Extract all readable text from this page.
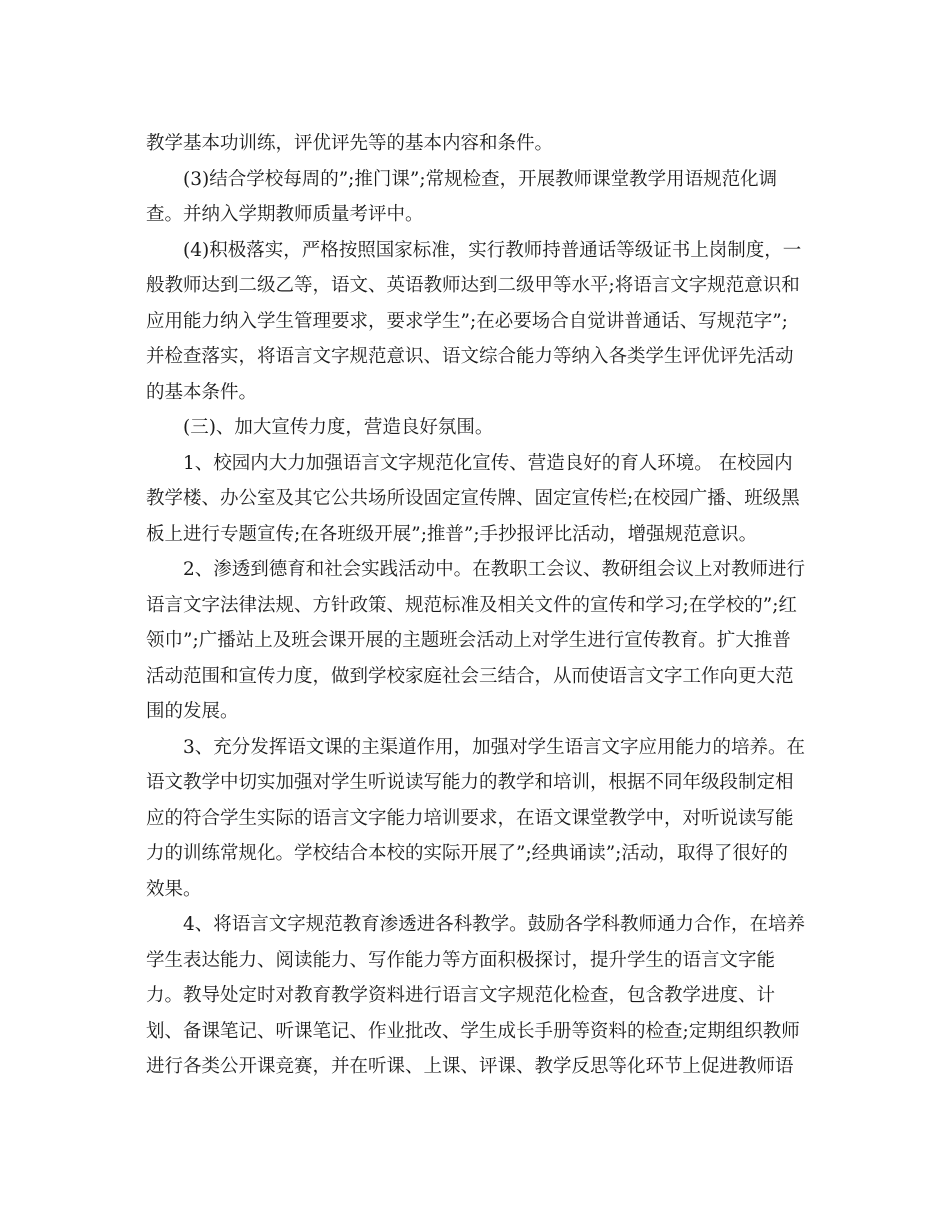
教学基本功训练，评优评先等的基本内容和条件。
(3)结合学校每周的”;推门课”;常规检查，开展教师课堂教学用语规范化调
查。并纳入学期教师质量考评中。
(4)积极落实，严格按照国家标准，实行教师持普通话等级证书上岗制度，一
般教师达到二级乙等，语文、英语教师达到二级甲等水平;将语言文字规范意识和
应用能力纳入学生管理要求，要求学生”;在必要场合自觉讲普通话、写规范字”;
并检查落实，将语言文字规范意识、语文综合能力等纳入各类学生评优评先活动
的基本条件。
(三)、加大宣传力度，营造良好氛围。
1、校园内大力加强语言文字规范化宣传、营造良好的育人环境。 在校园内
教学楼、办公室及其它公共场所设固定宣传牌、固定宣传栏;在校园广播、班级黑
板上进行专题宣传;在各班级开展”;推普”;手抄报评比活动，增强规范意识。
2、渗透到德育和社会实践活动中。在教职工会议、教研组会议上对教师进行
语言文字法律法规、方针政策、规范标准及相关文件的宣传和学习;在学校的”;红
领巾”;广播站上及班会课开展的主题班会活动上对学生进行宣传教育。扩大推普
活动范围和宣传力度，做到学校家庭社会三结合，从而使语言文字工作向更大范
围的发展。
3、充分发挥语文课的主渠道作用，加强对学生语言文字应用能力的培养。在
语文教学中切实加强对学生听说读写能力的教学和培训，根据不同年级段制定相
应的符合学生实际的语言文字能力培训要求，在语文课堂教学中，对听说读写能
力的训练常规化。学校结合本校的实际开展了”;经典诵读”;活动，取得了很好的
效果。
4、将语言文字规范教育渗透进各科教学。鼓励各学科教师通力合作，在培养
学生表达能力、阅读能力、写作能力等方面积极探讨，提升学生的语言文字能
力。教导处定时对教育教学资料进行语言文字规范化检查，包含教学进度、计
划、备课笔记、听课笔记、作业批改、学生成长手册等资料的检查;定期组织教师
进行各类公开课竞赛，并在听课、上课、评课、教学反思等化环节上促进教师语
